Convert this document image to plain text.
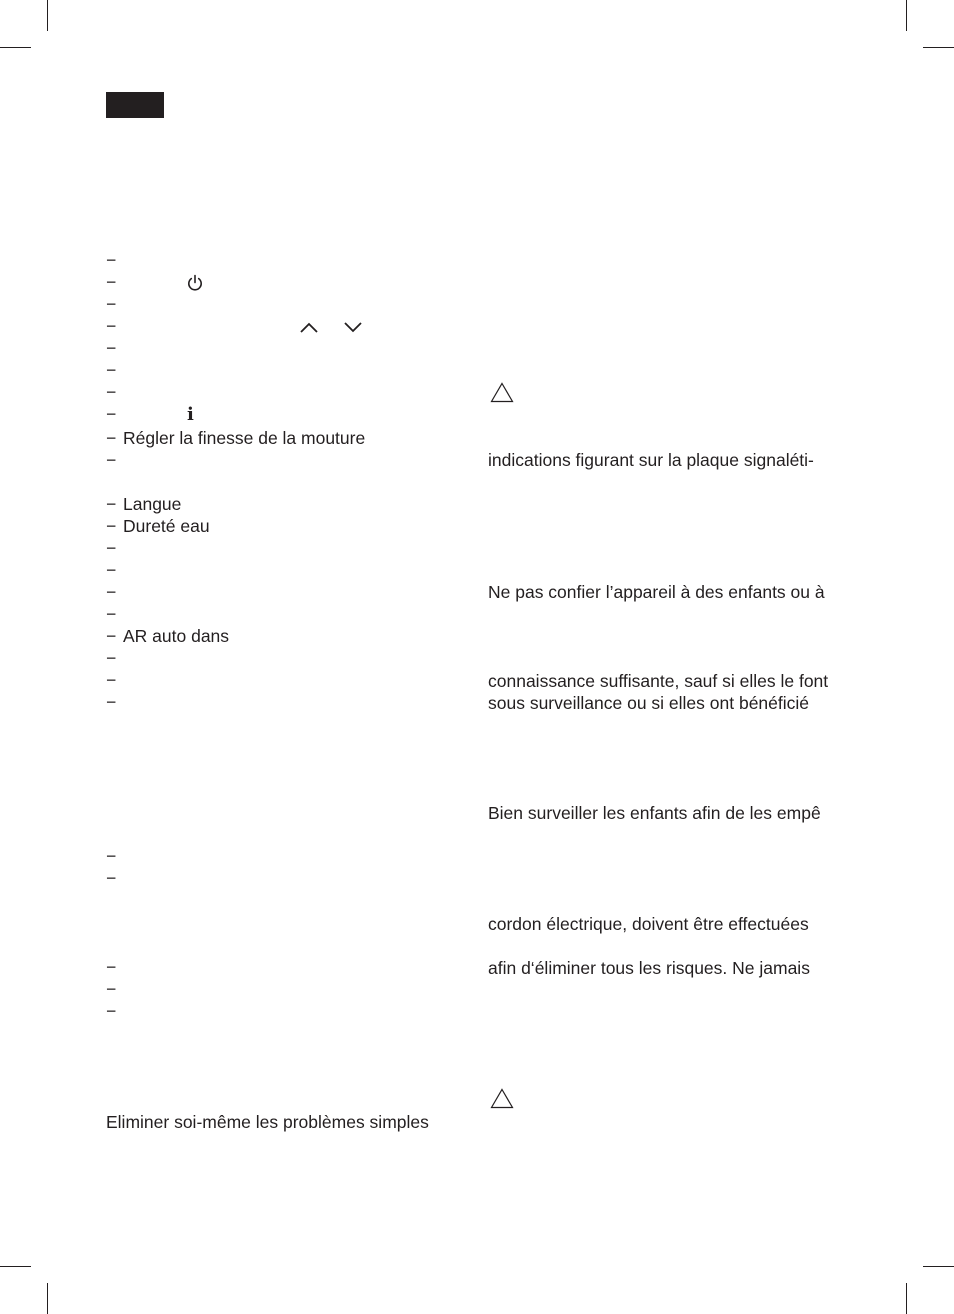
−
−
−
−
−
−
−
−	i
− Régler la finesse de la mouture
−
− Langue
− Dureté eau
−
−
−
−
− AR auto dans
−
−
−
−
−
−
−
−
Eliminer soi-même les problèmes simples
indications figurant sur la plaque signaléti-
Ne pas confier l’appareil à des enfants ou à
connaissance suffisante, sauf si elles le font
sous surveillance ou si elles ont bénéficié
Bien surveiller les enfants afin de les empê
cordon électrique, doivent être effectuées
afin d‘éliminer tous les risques. Ne jamais
